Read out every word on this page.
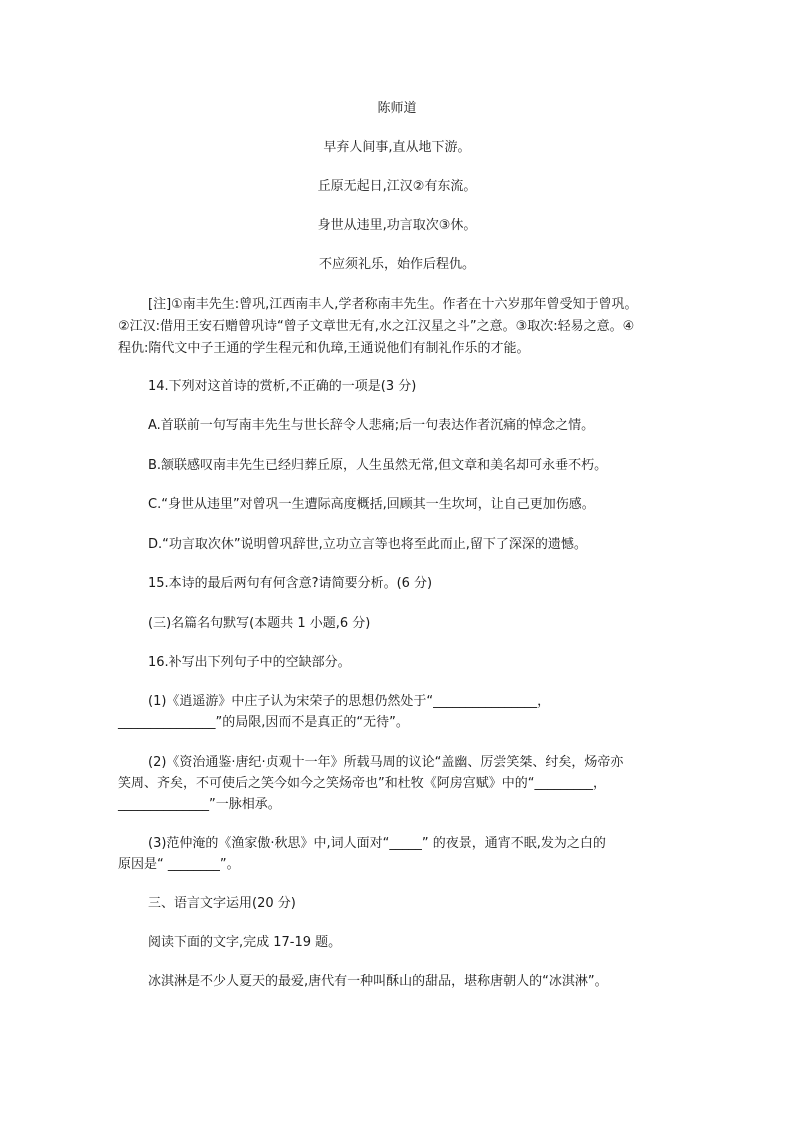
陈师道
早弃人间事,直从地下游。
丘原无起日,江汉②有东流。
身世从违里,功言取次③休。
不应须礼乐，始作后程仇。
[注]①南丰先生:曾巩,江西南丰人,学者称南丰先生。作者在十六岁那年曾受知于曾巩。
②江汉:借用王安石赠曾巩诗“曾子文章世无有,水之江汉星之斗”之意。③取次:轻易之意。④
程仇:隋代文中子王通的学生程元和仇璋,王通说他们有制礼作乐的才能。
14.下列对这首诗的赏析,不正确的一项是(3 分)
A.首联前一句写南丰先生与世长辞令人悲痛;后一句表达作者沉痛的悼念之情。
B.颔联感叹南丰先生已经归葬丘原，人生虽然无常,但文章和美名却可永垂不朽。
C.“身世从违里”对曾巩一生遭际高度概括,回顾其一生坎坷，让自己更加伤感。
D.“功言取次休”说明曾巩辞世,立功立言等也将至此而止,留下了深深的遗憾。
15.本诗的最后两句有何含意?请简要分析。(6 分)
(三)名篇名句默写(本题共 1 小题,6 分)
16.补写出下列句子中的空缺部分。
(1)《逍遥游》中庄子认为宋荣子的思想仍然处于“________________，
_______________”的局限,因而不是真正的“无待”。
(2)《资治通鉴·唐纪·贞观十一年》所载马周的议论“盖幽、厉尝笑桀、纣矣，炀帝亦
笑周、齐矣，不可使后之笑今如今之笑炀帝也”和杜牧《阿房宫赋》中的“_________，
______________”一脉相承。
(3)范仲淹的《渔家傲·秋思》中,词人面对“_____” 的夜景，通宵不眠,发为之白的
原因是“ ________”。
三、语言文字运用(20 分)
阅读下面的文字,完成 17-19 题。
冰淇淋是不少人夏天的最爱,唐代有一种叫酥山的甜品，堪称唐朝人的“冰淇淋”。
